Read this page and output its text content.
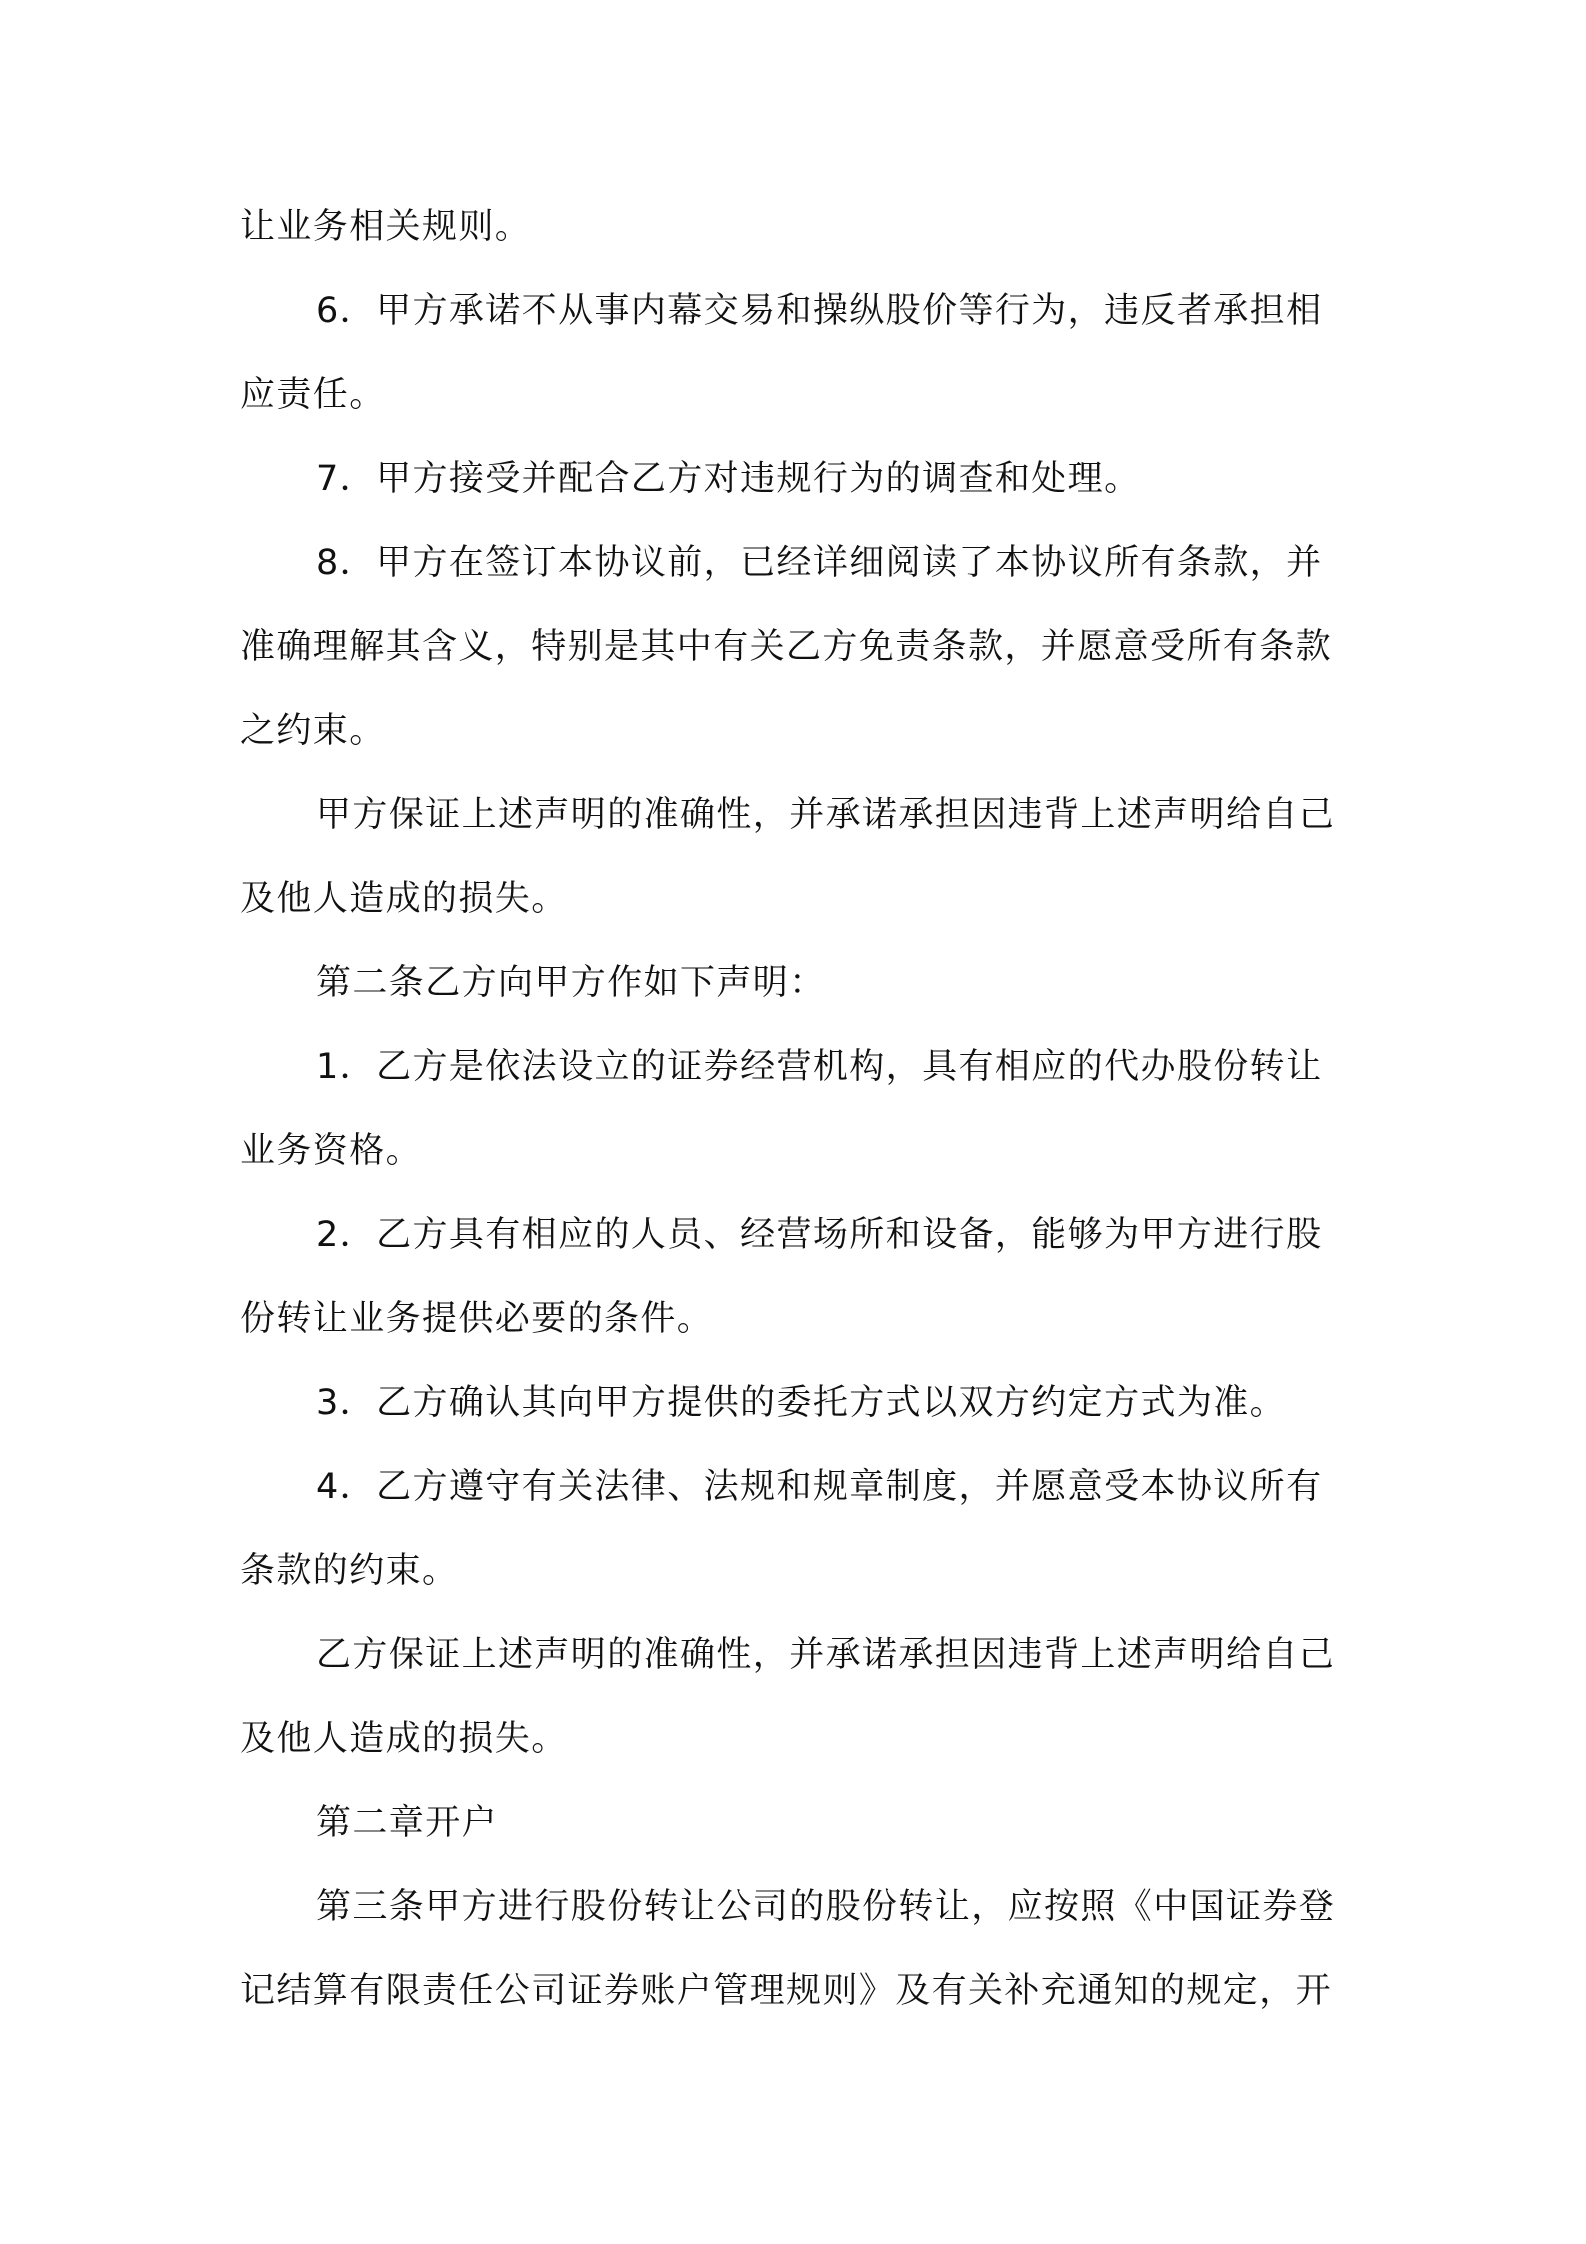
让业务相关规则。
6．甲方承诺不从事内幕交易和操纵股价等行为，违反者承担相
应责任。
7．甲方接受并配合乙方对违规行为的调查和处理。
8．甲方在签订本协议前，已经详细阅读了本协议所有条款，并
准确理解其含义，特别是其中有关乙方免责条款，并愿意受所有条款
之约束。
甲方保证上述声明的准确性，并承诺承担因违背上述声明给自己
及他人造成的损失。
第二条乙方向甲方作如下声明：
1．乙方是依法设立的证券经营机构，具有相应的代办股份转让
业务资格。
2．乙方具有相应的人员、经营场所和设备，能够为甲方进行股
份转让业务提供必要的条件。
3．乙方确认其向甲方提供的委托方式以双方约定方式为准。
4．乙方遵守有关法律、法规和规章制度，并愿意受本协议所有
条款的约束。
乙方保证上述声明的准确性，并承诺承担因违背上述声明给自己
及他人造成的损失。
第二章开户
第三条甲方进行股份转让公司的股份转让，应按照《中国证券登
记结算有限责任公司证券账户管理规则》及有关补充通知的规定，开
